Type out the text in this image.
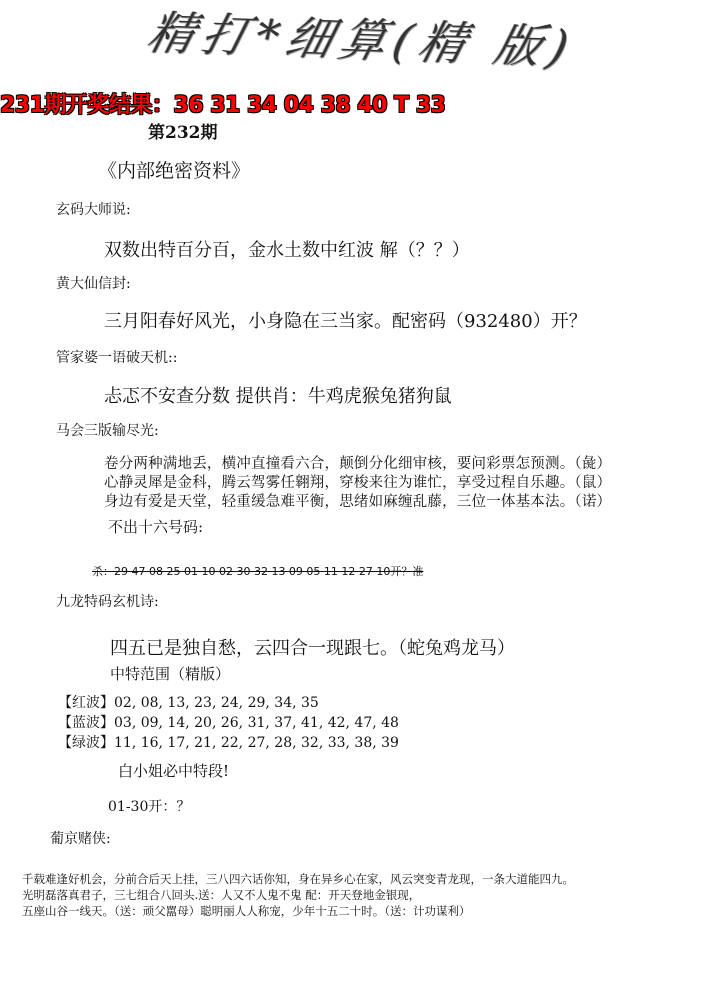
精打*细算(精 版)
231期开奖结果：36 31 34 04 38 40 T 33
第232期
《内部绝密资料》
玄码大师说:
双数出特百分百，金水土数中红波 解（？？）
黄大仙信封:
三月阳春好风光，小身隐在三当家。配密码（932480）开？
管家婆一语破天机::
忐忑不安查分数 提供肖：牛鸡虎猴兔猪狗鼠
马会三版输尽光:
卷分两种满地丢，横冲直撞看六合，颠倒分化细审核，要问彩票怎预测。（彘）
心静灵犀是金科，腾云驾雾任翱翔，穿梭来往为谁忙，享受过程自乐趣。（鼠）
身边有爱是天堂，轻重缓急难平衡，思绪如麻缠乱藤，三位一体基本法。（诺）
不出十六号码:
杀：29 47 08 25 01 10 02 30 32 13 09 05 11 12 27 10开？准
九龙特码玄机诗:
四五已是独自愁，云四合一现跟七。（蛇兔鸡龙马）
中特范围（精版）
【红波】02, 08, 13, 23, 24, 29, 34, 35
【蓝波】03, 09, 14, 20, 26, 31, 37, 41, 42, 47, 48
【绿波】11, 16, 17, 21, 22, 27, 28, 32, 33, 38, 39
白小姐必中特段!
01-30开：？
葡京赌侠:
千载难逢好机会，分前合后天上挂，三八四六话你知，身在异乡心在家，风云突变青龙现，一条大道能四九。
光明磊落真君子，三七组合八回头.送：人又不人鬼不鬼 配：开天登地金银现，
五座山谷一线天。（送：顽父嚚母）聪明丽人人称宠，少年十五二十时。（送：计功谋利）
